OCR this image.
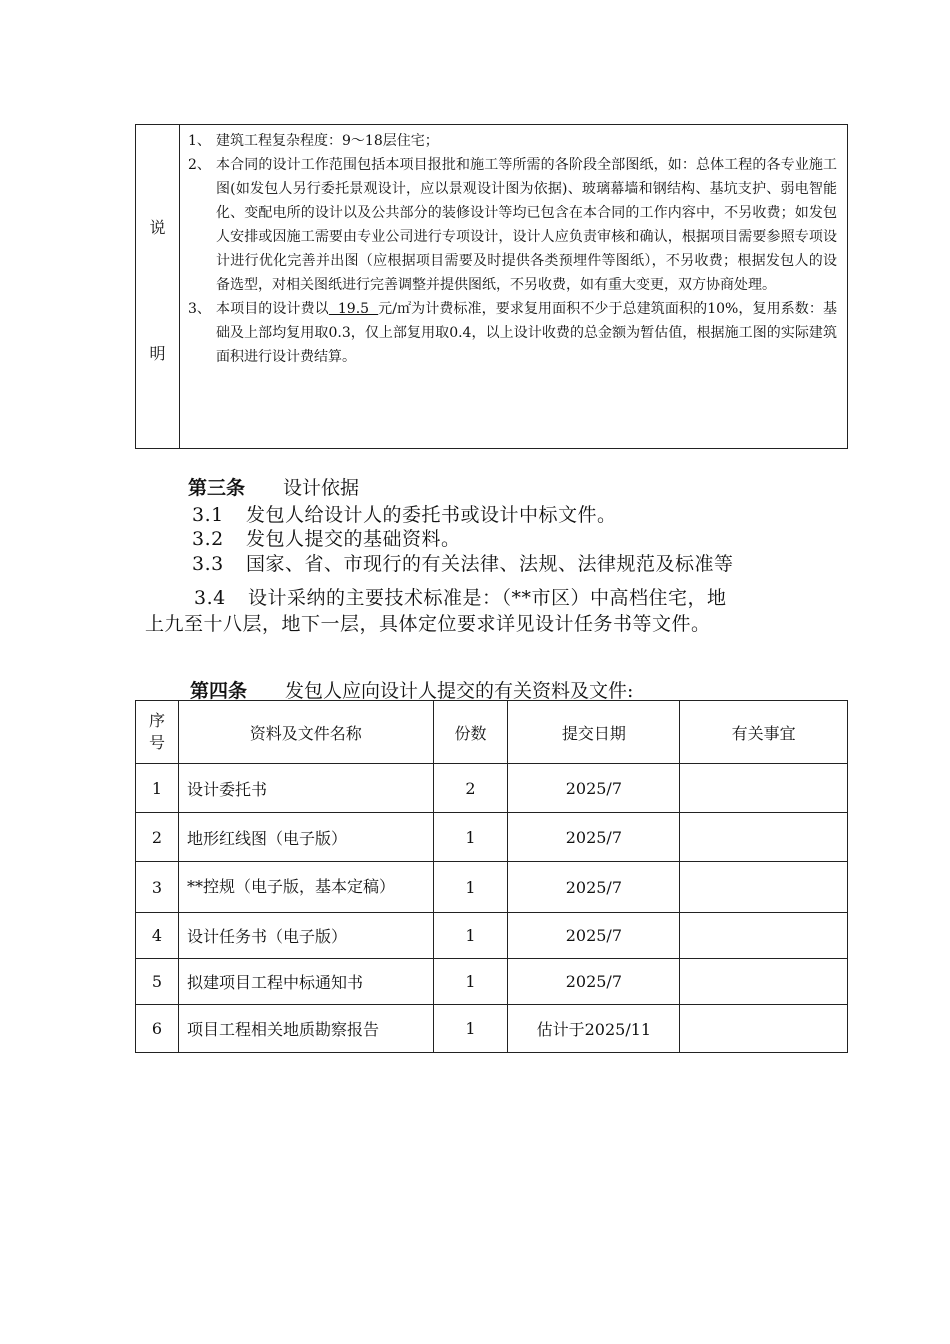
说
明

1、 建筑工程复杂程度：9～18层住宅；
2、 本合同的设计工作范围包括本项目报批和施工等所需的各阶段全部图纸，如：总体工程的各专业施工图(如发包人另行委托景观设计，应以景观设计图为依据)、玻璃幕墙和钢结构、基坑支护、弱电智能化、变配电所的设计以及公共部分的装修设计等均已包含在本合同的工作内容中，不另收费；如发包人安排或因施工需要由专业公司进行专项设计，设计人应负责审核和确认，根据项目需要参照专项设计进行优化完善并出图（应根据项目需要及时提供各类预埋件等图纸），不另收费；根据发包人的设备选型，对相关图纸进行完善调整并提供图纸，不另收费，如有重大变更，双方协商处理。
3、 本项目的设计费以  19.5  元/㎡为计费标准，要求复用面积不少于总建筑面积的10%，复用系数：基础及上部均复用取0.3，仅上部复用取0.4，以上设计收费的总金额为暂估值，根据施工图的实际建筑面积进行设计费结算。
第三条 设计依据
3.1 发包人给设计人的委托书或设计中标文件。
3.2 发包人提交的基础资料。
3.3 国家、省、市现行的有关法律、法规、法律规范及标准等
3.4 设计采纳的主要技术标准是：（**市区）中高档住宅，地
上九至十八层，地下一层，具体定位要求详见设计任务书等文件。
第四条 发包人应向设计人提交的有关资料及文件:
序号	资料及文件名称	份数	提交日期	有关事宜
1	设计委托书	2	2025/7	
2	地形红线图（电子版）	1	2025/7	
3	**控规（电子版，基本定稿）	1	2025/7	
4	设计任务书（电子版）	1	2025/7	
5	拟建项目工程中标通知书	1	2025/7	
6	项目工程相关地质勘察报告	1	估计于2025/11	
